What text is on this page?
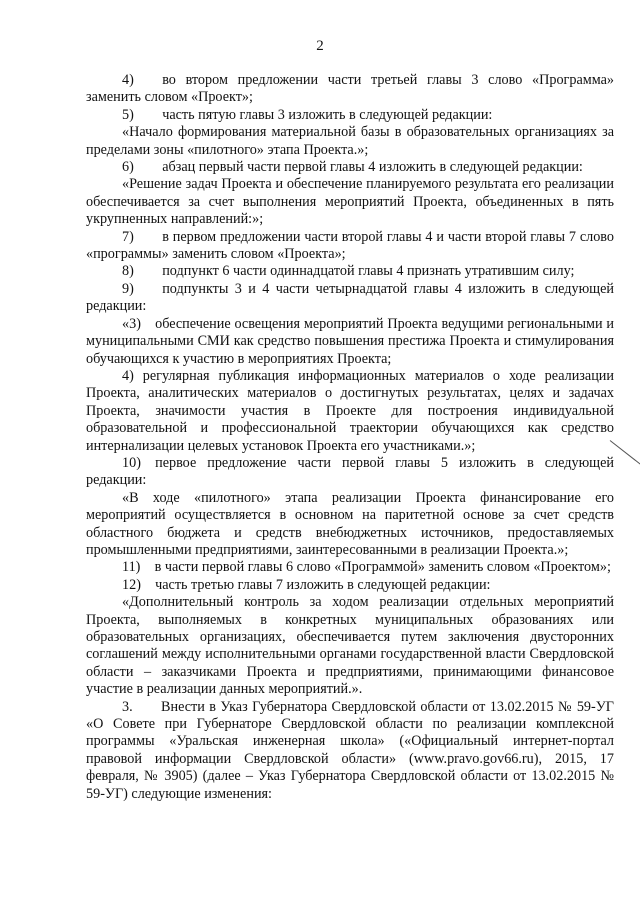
2

4)  во втором предложении части третьей главы 3 слово «Программа» заменить словом «Проект»;

5)  часть пятую главы 3 изложить в следующей редакции:

«Начало формирования материальной базы в образовательных организациях за пределами зоны «пилотного» этапа Проекта.»;

6)  абзац первый части первой главы 4 изложить в следующей редакции:

«Решение задач Проекта и обеспечение планируемого результата его реализации обеспечивается за счет выполнения мероприятий Проекта, объединенных в пять укрупненных направлений:»;

7)  в первом предложении части второй главы 4 и части второй главы 7 слово «программы» заменить словом «Проекта»;

8)  подпункт 6 части одиннадцатой главы 4 признать утратившим силу;

9)  подпункты 3 и 4 части четырнадцатой главы 4 изложить в следующей редакции:

«3) обеспечение освещения мероприятий Проекта ведущими региональными и муниципальными СМИ как средство повышения престижа Проекта и стимулирования обучающихся к участию в мероприятиях Проекта;

4) регулярная публикация информационных материалов о ходе реализации Проекта, аналитических материалов о достигнутых результатах, целях и задачах Проекта, значимости участия в Проекте для построения индивидуальной образовательной и профессиональной траектории обучающихся как средство интернализации целевых установок Проекта его участниками.»;

10) первое предложение части первой главы 5 изложить в следующей редакции:

«В ходе «пилотного» этапа реализации Проекта финансирование его мероприятий осуществляется в основном на паритетной основе за счет средств областного бюджета и средств внебюджетных источников, предоставляемых промышленными предприятиями, заинтересованными в реализации Проекта.»;

11) в части первой главы 6 слово «Программой» заменить словом «Проектом»;

12) часть третью главы 7 изложить в следующей редакции:

«Дополнительный контроль за ходом реализации отдельных мероприятий Проекта, выполняемых в конкретных муниципальных образованиях или образовательных организациях, обеспечивается путем заключения двусторонних соглашений между исполнительными органами государственной власти Свердловской области – заказчиками Проекта и предприятиями, принимающими финансовое участие в реализации данных мероприятий.».

3.  Внести в Указ Губернатора Свердловской области от 13.02.2015 № 59-УГ «О Совете при Губернаторе Свердловской области по реализации комплексной программы «Уральская инженерная школа» («Официальный интернет-портал правовой информации Свердловской области» (www.pravo.gov66.ru), 2015, 17 февраля, № 3905) (далее – Указ Губернатора Свердловской области от 13.02.2015 № 59-УГ) следующие изменения:
